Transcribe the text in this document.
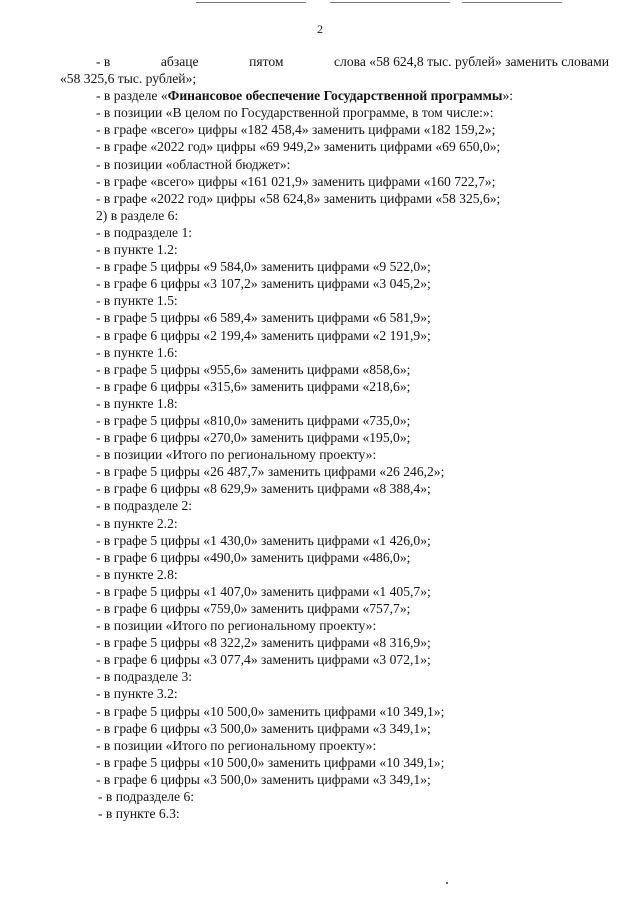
2
- в	абзаце	пятом	слова «58 624,8 тыс. рублей» заменить словами
«58 325,6 тыс. рублей»;
- в разделе «Финансовое обеспечение Государственной программы»:
- в позиции «В целом по Государственной программе, в том числе:»:
- в графе «всего» цифры «182 458,4» заменить цифрами «182 159,2»;
- в графе «2022 год» цифры «69 949,2» заменить цифрами «69 650,0»;
- в позиции «областной бюджет»:
- в графе «всего» цифры «161 021,9» заменить цифрами «160 722,7»;
- в графе «2022 год» цифры «58 624,8» заменить цифрами «58 325,6»;
2) в разделе 6:
- в подразделе 1:
- в пункте 1.2:
- в графе 5 цифры «9 584,0» заменить цифрами «9 522,0»;
- в графе 6 цифры «3 107,2» заменить цифрами «3 045,2»;
- в пункте 1.5:
- в графе 5 цифры «6 589,4» заменить цифрами «6 581,9»;
- в графе 6 цифры «2 199,4» заменить цифрами «2 191,9»;
- в пункте 1.6:
- в графе 5 цифры «955,6» заменить цифрами «858,6»;
- в графе 6 цифры «315,6» заменить цифрами «218,6»;
- в пункте 1.8:
- в графе 5 цифры «810,0» заменить цифрами «735,0»;
- в графе 6 цифры «270,0» заменить цифрами «195,0»;
- в позиции «Итого по региональному проекту»:
- в графе 5 цифры «26 487,7» заменить цифрами «26 246,2»;
- в графе 6 цифры «8 629,9» заменить цифрами «8 388,4»;
- в подразделе 2:
- в пункте 2.2:
- в графе 5 цифры «1 430,0» заменить цифрами «1 426,0»;
- в графе 6 цифры «490,0» заменить цифрами «486,0»;
- в пункте 2.8:
- в графе 5 цифры «1 407,0» заменить цифрами «1 405,7»;
- в графе 6 цифры «759,0» заменить цифрами «757,7»;
- в позиции «Итого по региональному проекту»:
- в графе 5 цифры «8 322,2» заменить цифрами «8 316,9»;
- в графе 6 цифры «3 077,4» заменить цифрами «3 072,1»;
- в подразделе 3:
- в пункте 3.2:
- в графе 5 цифры «10 500,0» заменить цифрами «10 349,1»;
- в графе 6 цифры «3 500,0» заменить цифрами «3 349,1»;
- в позиции «Итого по региональному проекту»:
- в графе 5 цифры «10 500,0» заменить цифрами «10 349,1»;
- в графе 6 цифры «3 500,0» заменить цифрами «3 349,1»;
- в подразделе 6:
- в пункте 6.3:
